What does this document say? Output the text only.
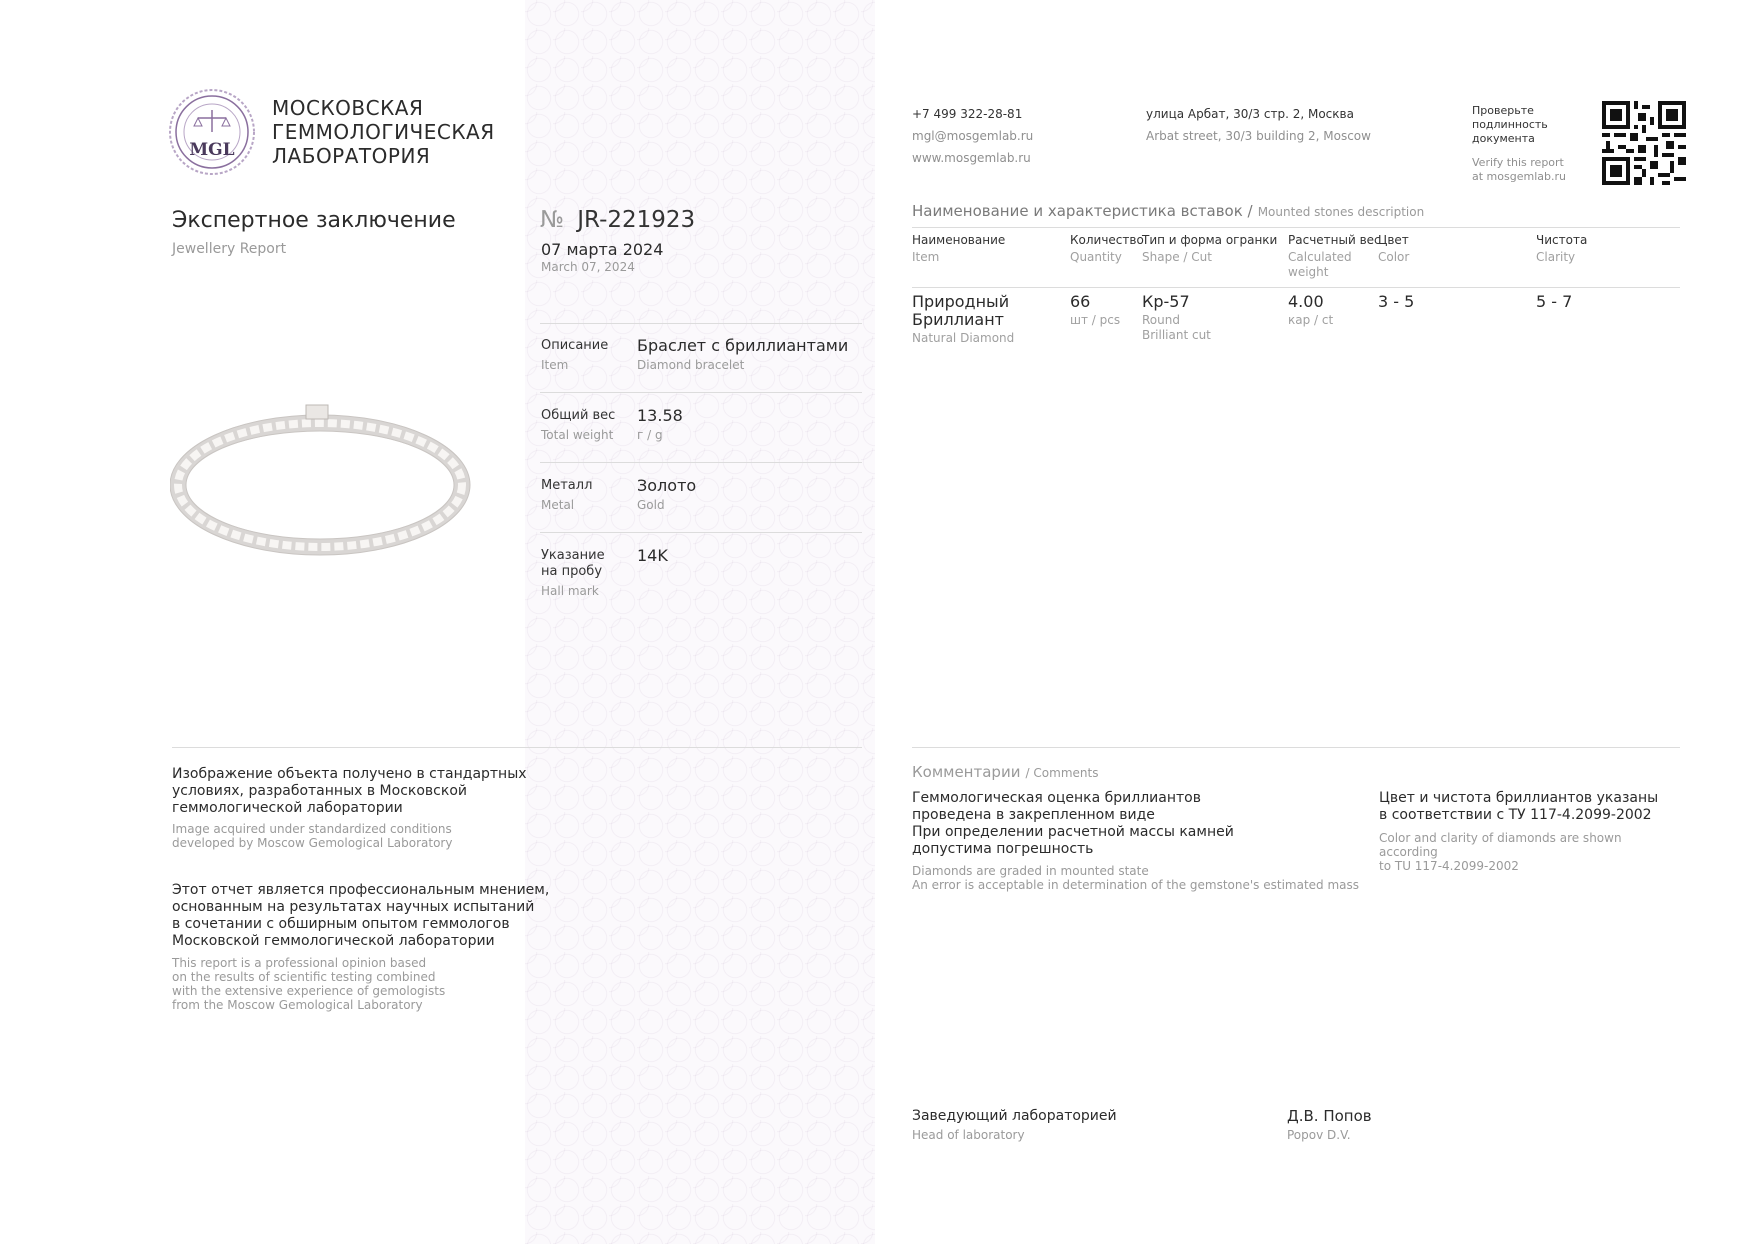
MGL
МОСКОВСКАЯ
ГЕММОЛОГИЧЕСКАЯ
ЛАБОРАТОРИЯ
Экспертное заключение
Jewellery Report
№ JR-221923
07 марта 2024
March 07, 2024
Описание
Item
Браслет с бриллиантами
Diamond bracelet
Общий вес
Total weight
13.58
г / g
Металл
Metal
Золото
Gold
Указание
на пробу
Hall mark
14K
+7 499 322-28-81
mgl@mosgemlab.ru
www.mosgemlab.ru
улица Арбат, 30/3 стр. 2, Москва
Arbat street, 30/3 building 2, Moscow
Проверьте
подлинность
документа
Verify this report
at mosgemlab.ru
Наименование и характеристика вставок / Mounted stones description
Наименование
Item
Количество
Quantity
Тип и форма огранки
Shape / Cut
Расчетный вес
Calculated
weight
Цвет
Color
Чистота
Clarity
Природный
Бриллиант
Natural Diamond
66
шт / pcs
Кр-57
Round
Brilliant cut
4.00
кар / ct
3 - 5	5 - 7
Изображение объекта получено в стандартных
условиях, разработанных в Московской
геммологической лаборатории
Image acquired under standardized conditions
developed by Moscow Gemological Laboratory
Этот отчет является профессиональным мнением,
основанным на результатах научных испытаний
в сочетании с обширным опытом геммологов
Московской геммологической лаборатории
This report is a professional opinion based
on the results of scientific testing combined
with the extensive experience of gemologists
from the Moscow Gemological Laboratory
Комментарии / Comments
Геммологическая оценка бриллиантов
проведена в закрепленном виде
При определении расчетной массы камней
допустима погрешность
Diamonds are graded in mounted state
An error is acceptable in determination of the gemstone's estimated mass
Цвет и чистота бриллиантов указаны
в соответствии с ТУ 117-4.2099-2002
Color and clarity of diamonds are shown according
to TU 117-4.2099-2002
Заведующий лабораторией
Head of laboratory
Д.В. Попов
Popov D.V.
